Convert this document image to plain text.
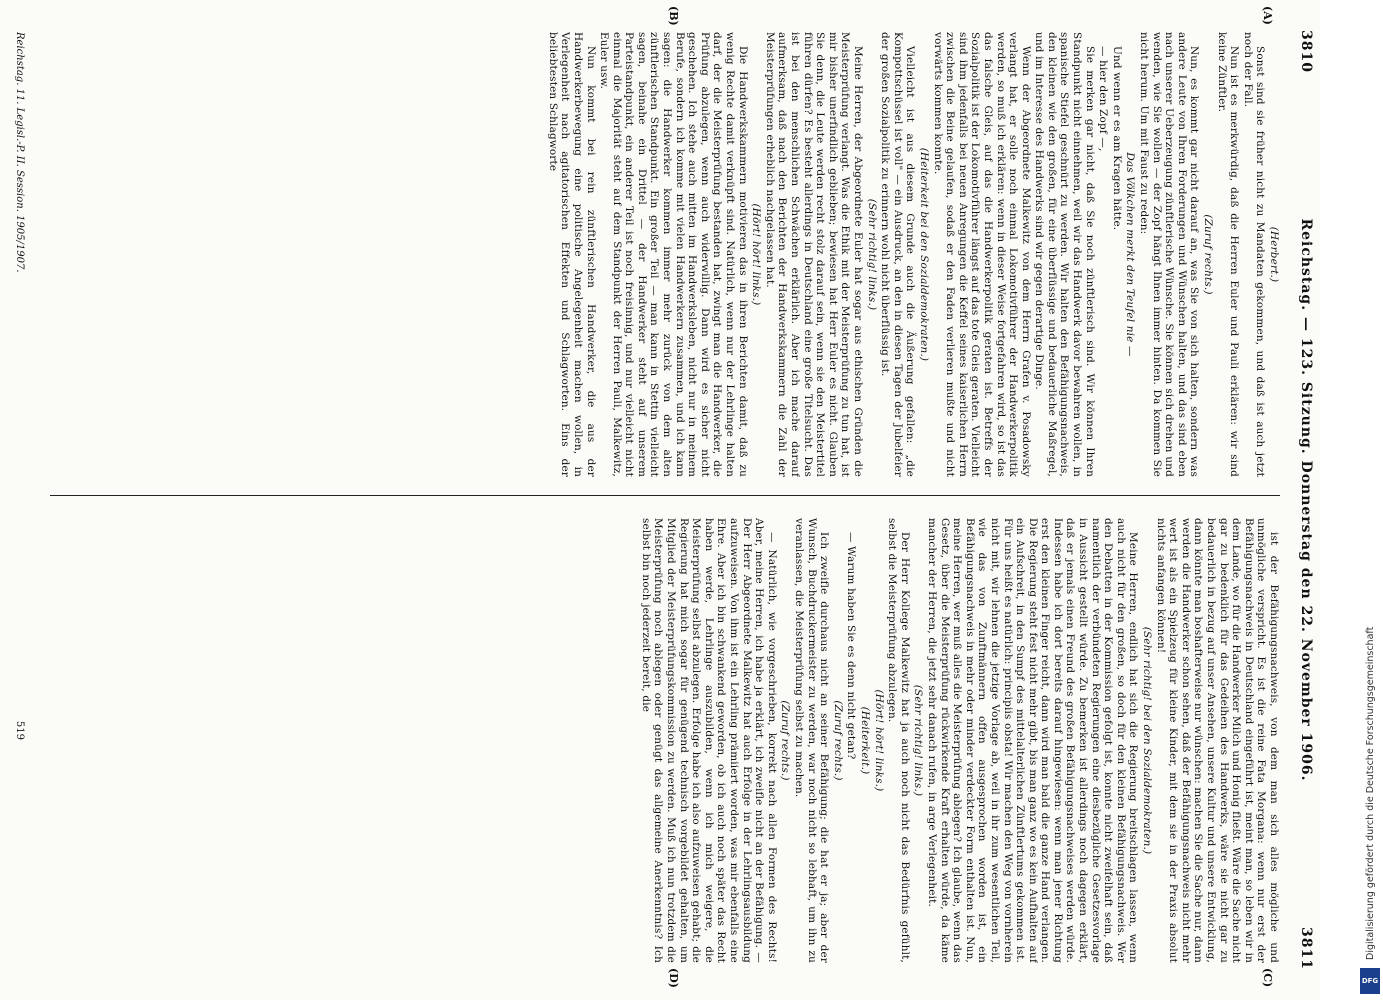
3810
Reichstag. — 123. Sitzung. Donnerstag den 22. November 1906.
3811
(A)
(B)
(C)
(D)

(Herbert.)

Sonst sind sie früher nicht zu Mandaten gekommen, und daß ist auch jetzt noch der Fall.

Nun ist es merkwürdig, daß die Herren Euler und Pauli erklären: wir sind keine Zünftler.

(Zuruf rechts.)

Nun, es kommt gar nicht darauf an, was Sie von sich halten, sondern was andere Leute von Ihren Forderungen und Wünschen halten, und das sind eben nach unserer Ueberzeugung zünftlerische Wünsche. Sie können sich drehen und wenden, wie Sie wollen — der Zopf hängt Ihnen immer hinten. Da kommen Sie nicht herum. Um mit Faust zu reden:

Das Völkchen merkt den Teufel nie —

Und wenn er es am Kragen hätte.

— hier den Zopf —,

Sie merken gar nicht, daß Sie noch zünftlerisch sind. Wir können Ihren Standpunkt nicht einnehmen, weil wir das Handwerk davor bewahren wollen, in spanische Stiefel geschnürt zu werden. Wir halten den Befähigungsnachweis, den kleinen wie den großen, für eine überflüssige und bedauerliche Maßregel, und im Interesse des Handwerks sind wir gegen derartige Dinge.

Wenn der Abgeordnete Malkewitz von dem Herrn Grafen v. Posadowsky verlangt hat, er solle noch einmal Lokomotivführer der Handwerkerpolitik werden, so muß ich erklären: wenn in dieser Weise fortgefahren wird, so ist das das falsche Gleis, auf das die Handwerkerpolitik geraten ist. Betreffs der Sozialpolitik ist der Lokomotivführer längst auf das tote Gleis geraten. Vielleicht sind ihm jedenfalls bei neuen Anregungen die Keffel seines kaiserlichen Herrn zwischen die Beine gelaufen, sodaß er den Faden verlieren mußte und nicht vorwärts kommen konnte.

(Heiterkeit bei den Sozialdemokraten.)

Vielleicht ist aus diesem Grunde auch die Äußerung gefallen: „die Kompottschüssel ist voll" — ein Ausdruck, an den in diesen Tagen der Jubelfeier der großen Sozialpolitik zu erinnern wohl nicht überflüssig ist.

(Sehr richtig! links.)

Meine Herren, der Abgeordnete Euler hat sogar aus ethischen Gründen die Meisterprüfung verlangt. Was die Ethik mit der Meisterprüfung zu tun hat, ist mir bisher unerfindlich geblieben; bewiesen hat Herr Euler es nicht. Glauben Sie denn, die Leute werden recht stolz darauf sein, wenn sie den Meistertitel führen dürfen? Es besteht allerdings in Deutschland eine große Titelsucht. Das ist bei den menschlichen Schwächen erklärlich. Aber ich mache darauf aufmerksam, daß nach den Berichten der Handwerkskammern die Zahl der Meisterprüfungen erheblich nachgelassen hat.

(Hört! hört! links.)

Die Handwerkskammern motivieren das in ihren Berichten damit, daß zu wenig Rechte damit verknüpft sind. Natürlich, wenn nur der Lehrlinge halten darf, der die Meisterprüfung bestanden hat, zwingt man die Handwerker, die Prüfung abzulegen, wenn auch widerwillig. Dann wird es sicher nicht geschehen. Ich stehe auch mitten im Handwerksleben, nicht nur in meinem Berufe, sondern ich komme mit vielen Handwerkern zusammen, und ich kann sagen: die Handwerker kommen immer mehr zurück von dem alten zünftlerischen Standpunkt. Ein großer Teil — man kann in Stettin vielleicht sagen, beinahe ein Drittel — der Handwerker steht auf unserem Parteistandpunkt, ein anderer Teil ist noch freisinnig, und nur vielleicht nicht einmal die Majorität steht auf dem Standpunkt der Herren Pauli, Malkewitz, Euler usw.

Nun kommt bei rein zünftlerischen Handwerker, die aus der Handwerkerbewegung eine politische Angelegenheit machen wollen, in Verlegenheit nach agitatorischen Effekten und Schlagworten. Eins der beliebtesten Schlagworte

ist der Befähigungsnachweis, von dem man sich alles mögliche und unmögliche verspricht. Es ist die reine Fata Morgana: wenn nur erst der Befähigungsnachweis in Deutschland eingeführt ist, meint man, so leben wir in dem Lande, wo für die Handwerker Milch und Honig fließt. Wäre die Sache nicht gar zu bedenklich für das Gedeihen des Handwerks, wäre sie nicht gar zu bedauerlich in bezug auf unser Ansehen, unsere Kultur und unsere Entwicklung, dann könnte man boshafterweise nur wünschen: machen Sie die Sache nur, dann werden die Handwerker schon sehen, daß der Befähigungsnachweis nicht mehr wert ist als ein Spielzeug für kleine Kinder, mit dem sie in der Praxis absolut nichts anfangen können!

(Sehr richtig! bei den Sozialdemokraten.)

Meine Herren, endlich hat sich die Regierung breitschlagen lassen, wenn auch nicht für den großen, so doch für den kleinen Befähigungsnachweis. Wer den Debatten in der Kommission gefolgt ist, konnte nicht zweifelhaft sein, daß namentlich der verbündeten Regierungen eine diesbezügliche Gesetzesvorlage in Aussicht gestellt würde. Zu bemerken ist allerdings noch dagegen erklärt, daß er jemals einen Freund des großen Befähigungsnachweises werden würde. Indessen habe ich dort bereits darauf hingewiesen: wenn man jener Richtung erst den kleinen Finger reicht, dann wird man bald die ganze Hand verlangen. Die Regierung steht fest nicht mehr gibt, bis man ganz wo es kein Aufhalten auf ein Aufschreit, in den Sumpf des mittelalterlichen Zünftlertums gekommen ist. Für uns heißt es natürlich: principiis obsta! Wir machen den Weg von vornherein nicht mit, wir lehnen die jetzige Vorlage ab, weil in ihr zum wesentlichen Teil, wie das von Zunftmännern offen ausgesprochen worden ist, ein Befähigungsnachweis in mehr oder minder verdeckter Form enthalten ist. Nun, meine Herren, wer muß alles die Meisterprüfung ablegen? Ich glaube, wenn das Gesetz, über die Meisterprüfung rückwirkende Kraft erhalten würde, da käme mancher der Herren, die jetzt sehr danach rufen, in arge Verlegenheit.

(Sehr richtig! links.)

Der Herr Kollege Malkewitz hat ja auch noch nicht das Bedürfnis gefühlt, selbst die Meisterprüfung abzulegen.

(Hört! hört! links.)

(Heiterkeit.)

— Warum haben Sie es denn nicht getan?

(Zuruf rechts.)

Ich zweifle durchaus nicht an seiner Befähigung; die hat er ja; aber der Wunsch, Buchdruckermeister zu werden, war noch nicht so lebhaft, um ihn zu veranlassen, die Meisterprüfung selbst zu machen.

(Zuruf rechts.)

— Natürlich, wie vorgeschrieben, korrekt nach allen Formen des Rechts! Aber, meine Herren, ich habe ja erklärt, ich zweifle nicht an der Befähigung. — Der Herr Abgeordnete Malkewitz hat auch Erfolge in der Lehrlingsausbildung aufzuweisen. Von ihm ist ein Lehrling prämiiert worden, was mir ebenfalls eine Ehre. Aber ich bin schwankend geworden, ob ich auch noch später das Recht haben werde, Lehrlinge auszubilden, wenn ich mich weigere, die Meisterprüfung selbst abzulegen. Erfolge habe ich also aufzuweisen gehabt; die Regierung hat mich sogar für genügend technisch vorgebildet gehalten, um Mitglied der Meisterprüfungskommission zu werden. Muß ich nun trotzdem die Meisterprüfung noch ablegen oder genügt das allgemeine Anerkenntnis? Ich selbst bin noch jederzeit bereit, die

Reichstag. 11. Legisl.-P. II. Session. 1905/1907.
519	Digitalisierung gefördert durch die Deutsche Forschungsgemeinschaft
DFG
